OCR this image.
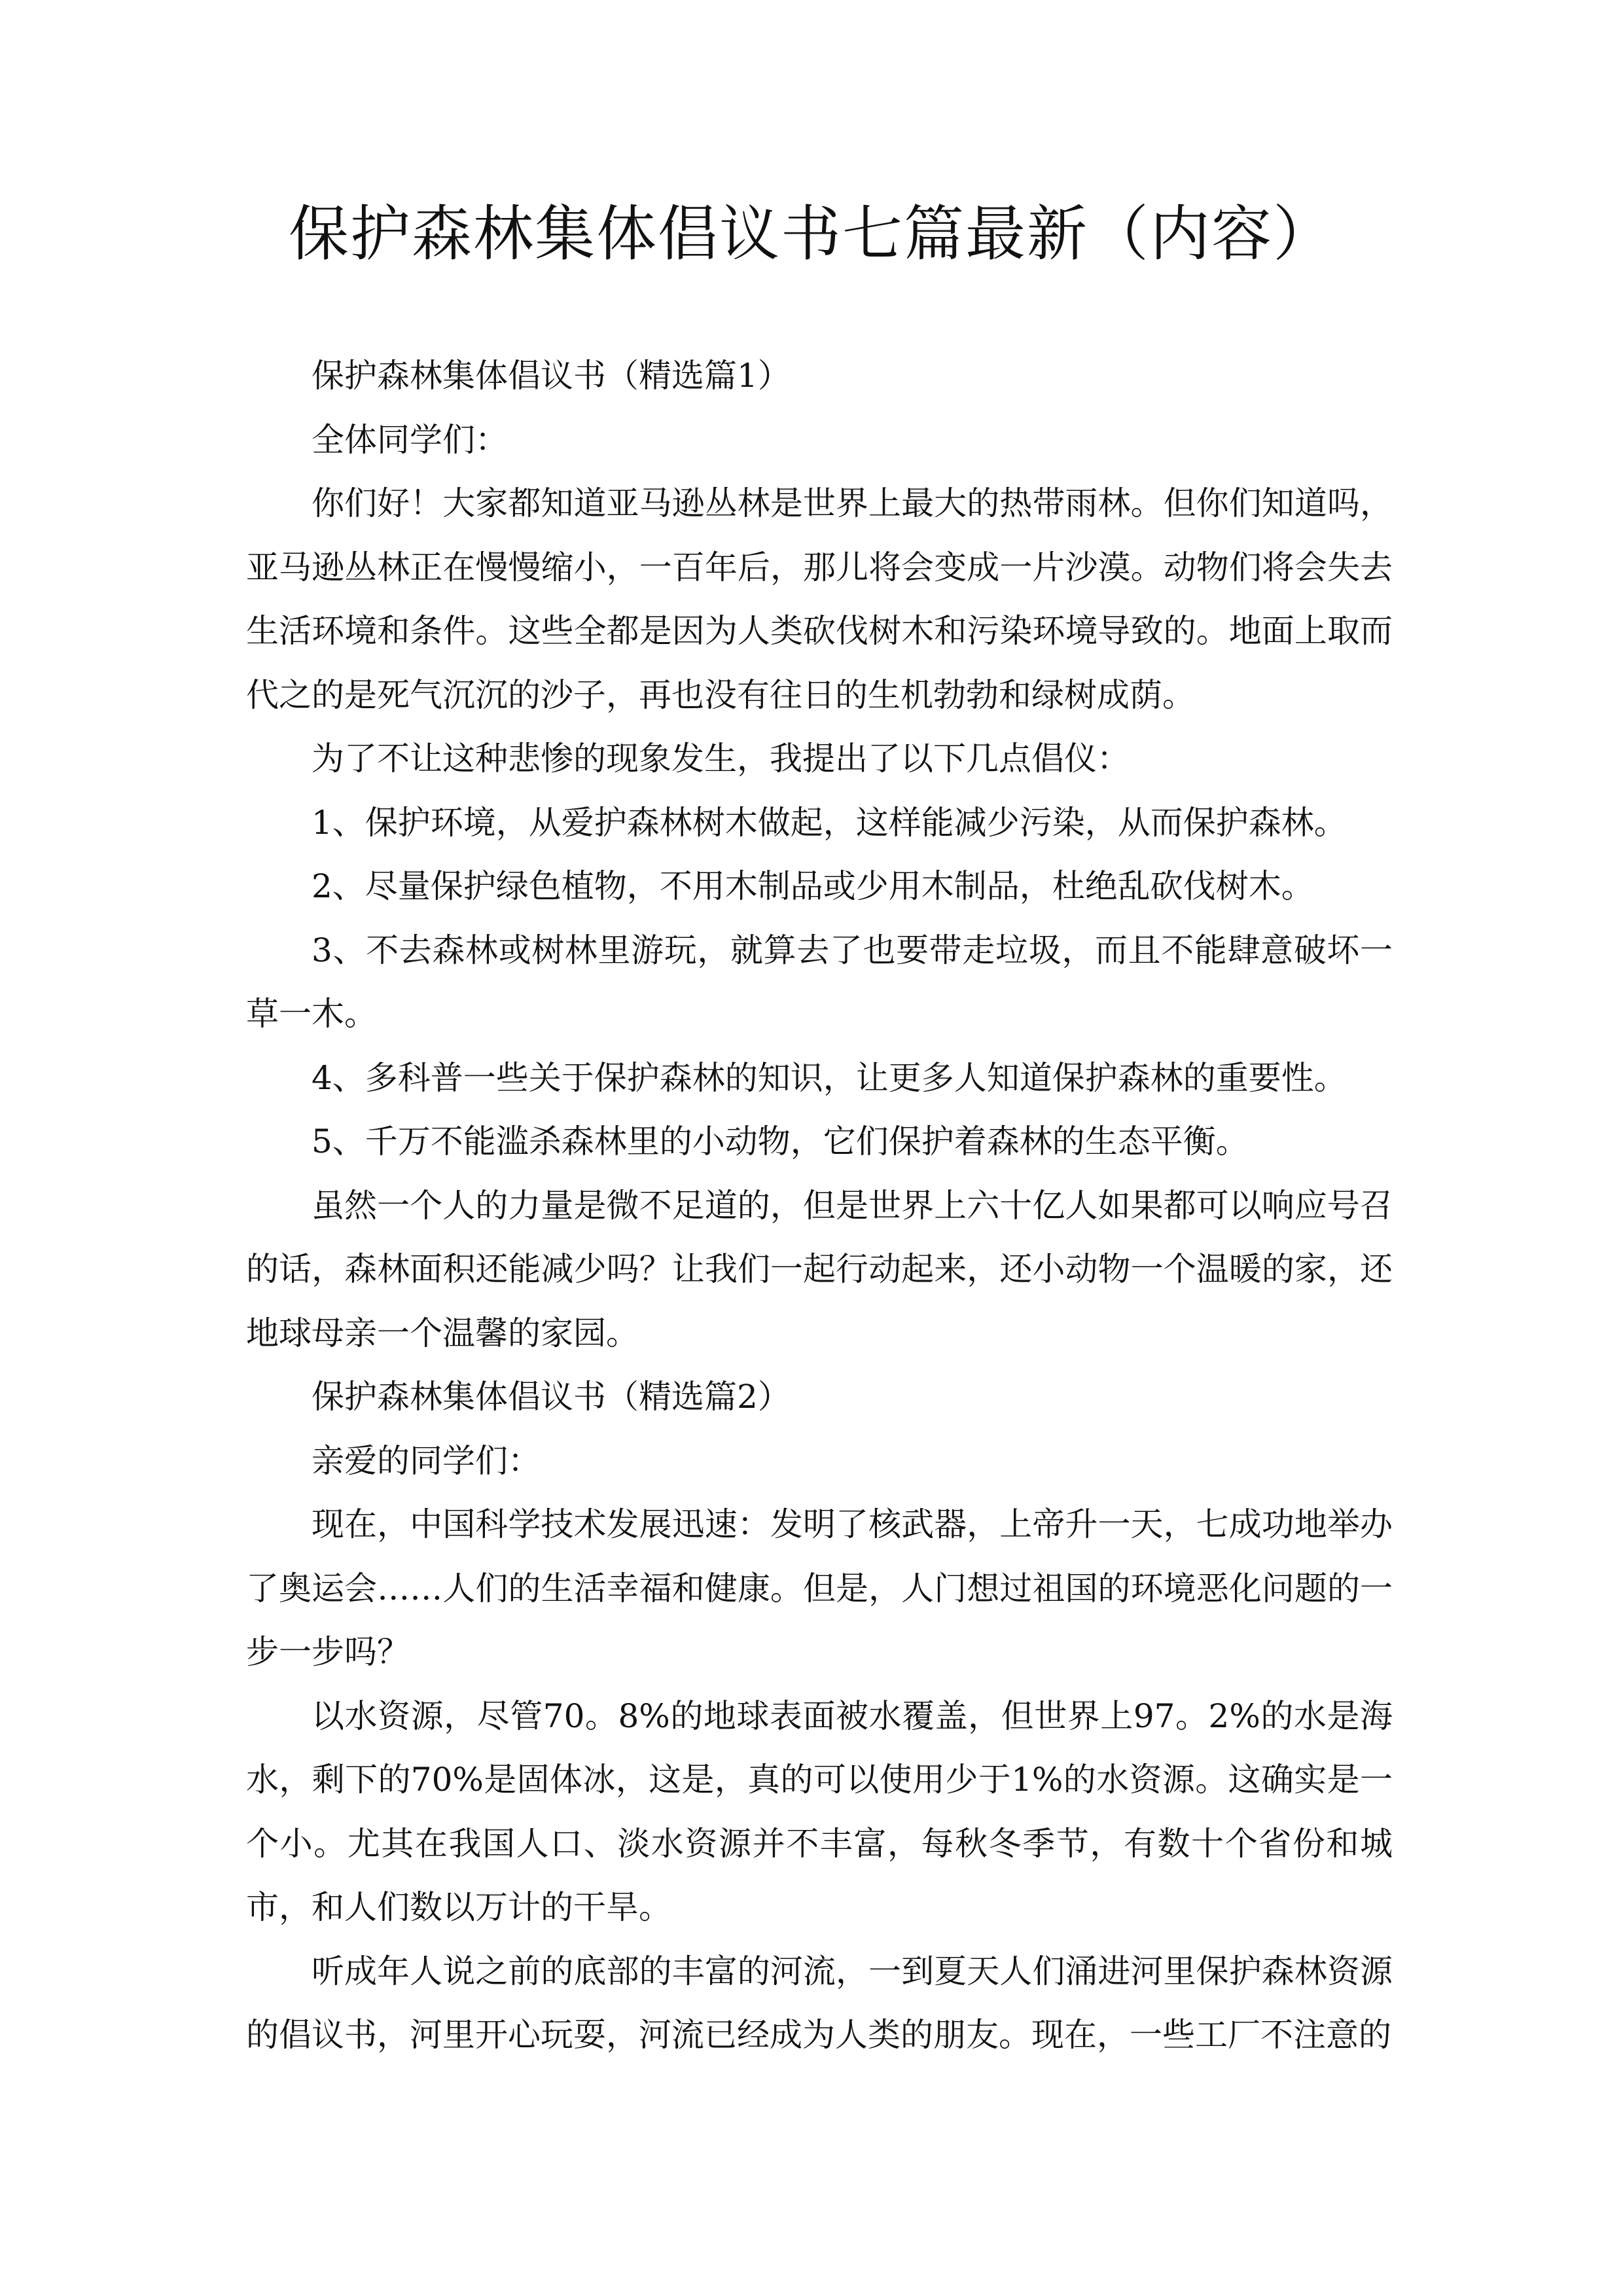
保护森林集体倡议书七篇最新（内容）

保护森林集体倡议书（精选篇1）

全体同学们：

你们好！大家都知道亚马逊丛林是世界上最大的热带雨林。但你们知道吗，亚马逊丛林正在慢慢缩小，一百年后，那儿将会变成一片沙漠。动物们将会失去生活环境和条件。这些全都是因为人类砍伐树木和污染环境导致的。地面上取而代之的是死气沉沉的沙子，再也没有往日的生机勃勃和绿树成荫。

为了不让这种悲惨的现象发生，我提出了以下几点倡仪：

1、保护环境，从爱护森林树木做起，这样能减少污染，从而保护森林。

2、尽量保护绿色植物，不用木制品或少用木制品，杜绝乱砍伐树木。

3、不去森林或树林里游玩，就算去了也要带走垃圾，而且不能肆意破坏一草一木。

4、多科普一些关于保护森林的知识，让更多人知道保护森林的重要性。

5、千万不能滥杀森林里的小动物，它们保护着森林的生态平衡。

虽然一个人的力量是微不足道的，但是世界上六十亿人如果都可以响应号召的话，森林面积还能减少吗？让我们一起行动起来，还小动物一个温暖的家，还地球母亲一个温馨的家园。

保护森林集体倡议书（精选篇2）

亲爱的同学们：

现在，中国科学技术发展迅速：发明了核武器，上帝升一天，七成功地举办了奥运会……人们的生活幸福和健康。但是，人门想过祖国的环境恶化问题的一步一步吗？

以水资源，尽管70。8%的地球表面被水覆盖，但世界上97。2%的水是海水，剩下的70%是固体冰，这是，真的可以使用少于1%的水资源。这确实是一个小。尤其在我国人口、淡水资源并不丰富，每秋冬季节，有数十个省份和城市，和人们数以万计的干旱。

听成年人说之前的底部的丰富的河流，一到夏天人们涌进河里保护森林资源的倡议书，河里开心玩耍，河流已经成为人类的朋友。现在，一些工厂不注意的
